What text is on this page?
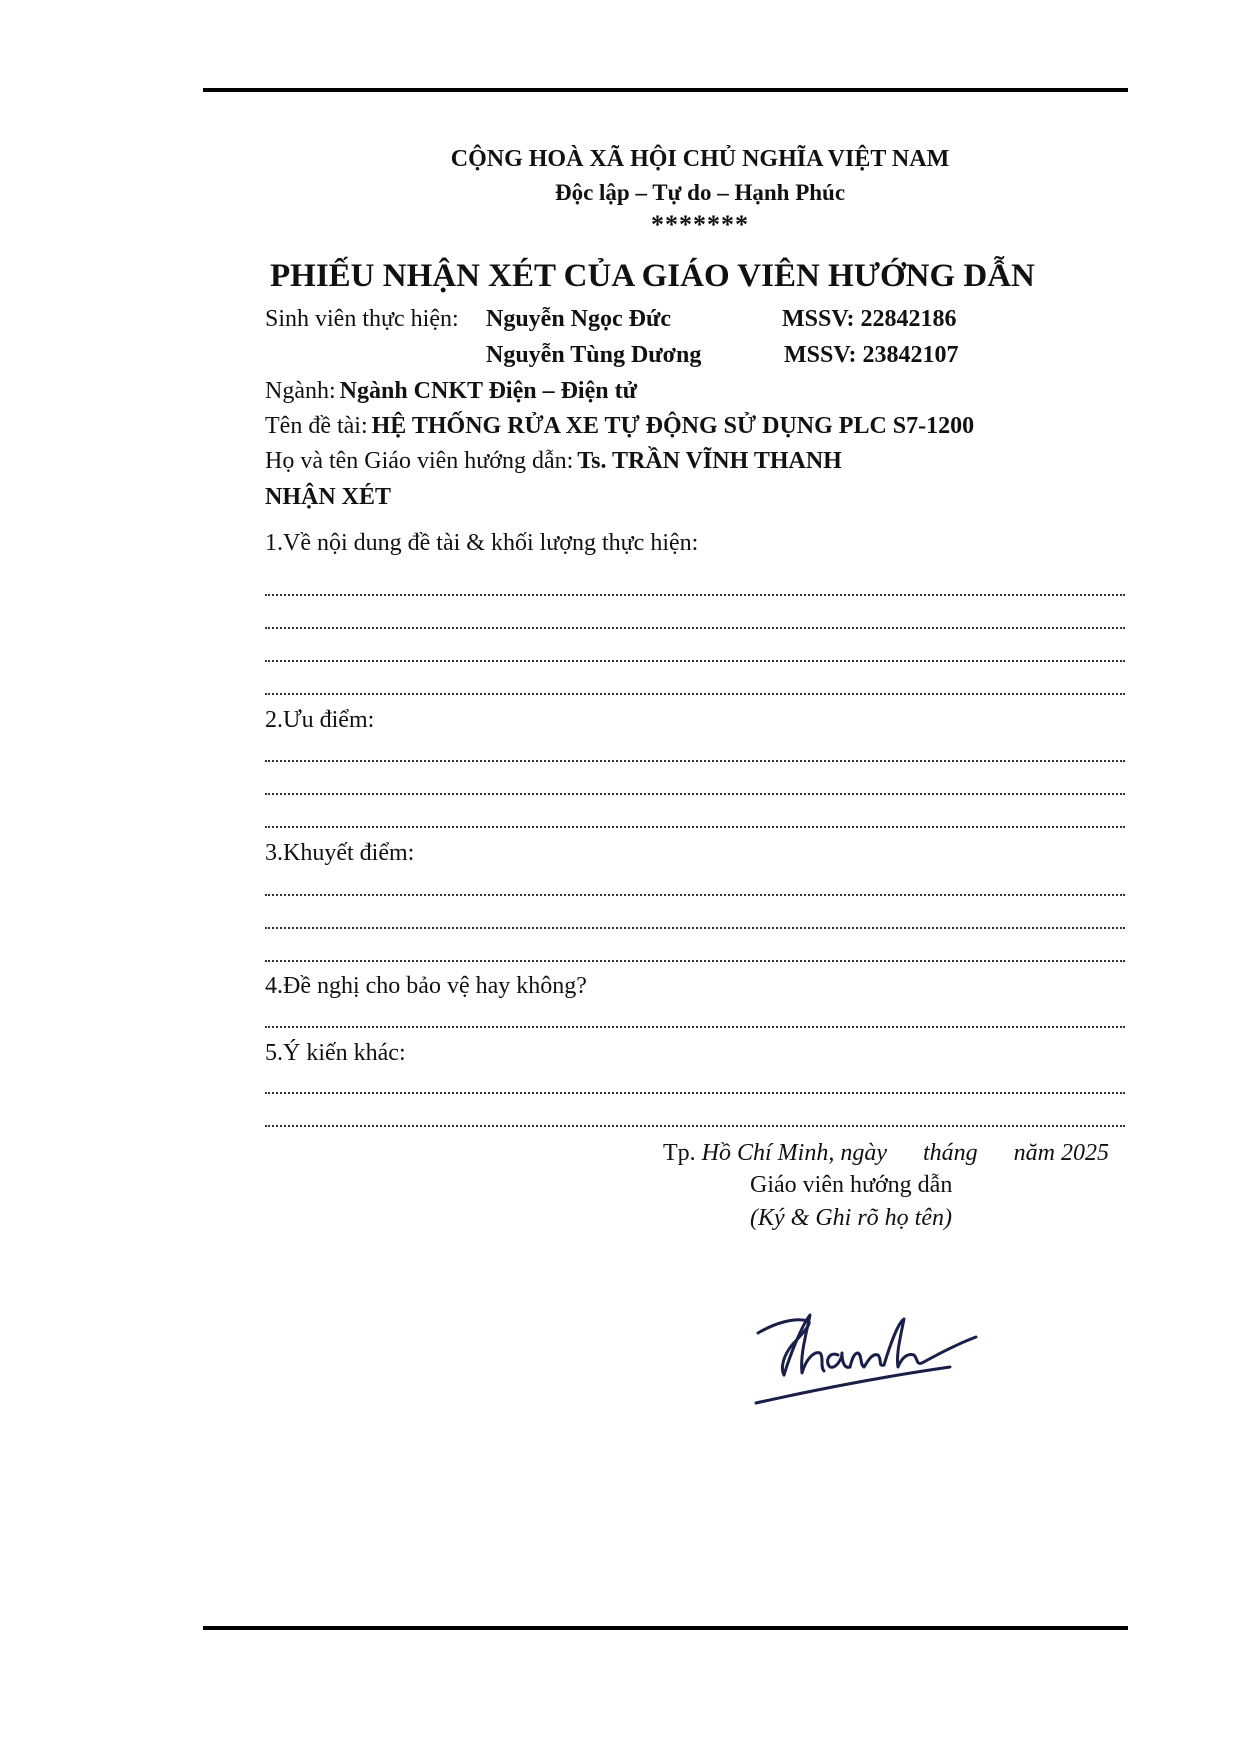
CỘNG HOÀ XÃ HỘI CHỦ NGHĨA VIỆT NAM
Độc lập – Tự do – Hạnh Phúc
*******
PHIẾU NHẬN XÉT CỦA GIÁO VIÊN HƯỚNG DẪN
Sinh viên thực hiện: Nguyễn Ngọc Đức	MSSV: 22842186
Nguyễn Tùng Dương	MSSV: 23842107
Ngành: Ngành CNKT Điện – Điện tử
Tên đề tài: HỆ THỐNG RỬA XE TỰ ĐỘNG SỬ DỤNG PLC S7-1200
Họ và tên Giáo viên hướng dẫn: Ts. TRẦN VĨNH THANH
NHẬN XÉT
1.Về nội dung đề tài & khối lượng thực hiện:
2.Ưu điểm:
3.Khuyết điểm:
4.Đề nghị cho bảo vệ hay không?
5.Ý kiến khác:
Tp. Hồ Chí Minh, ngày      tháng      năm 2025
Giáo viên hướng dẫn
(Ký & Ghi rõ họ tên)
